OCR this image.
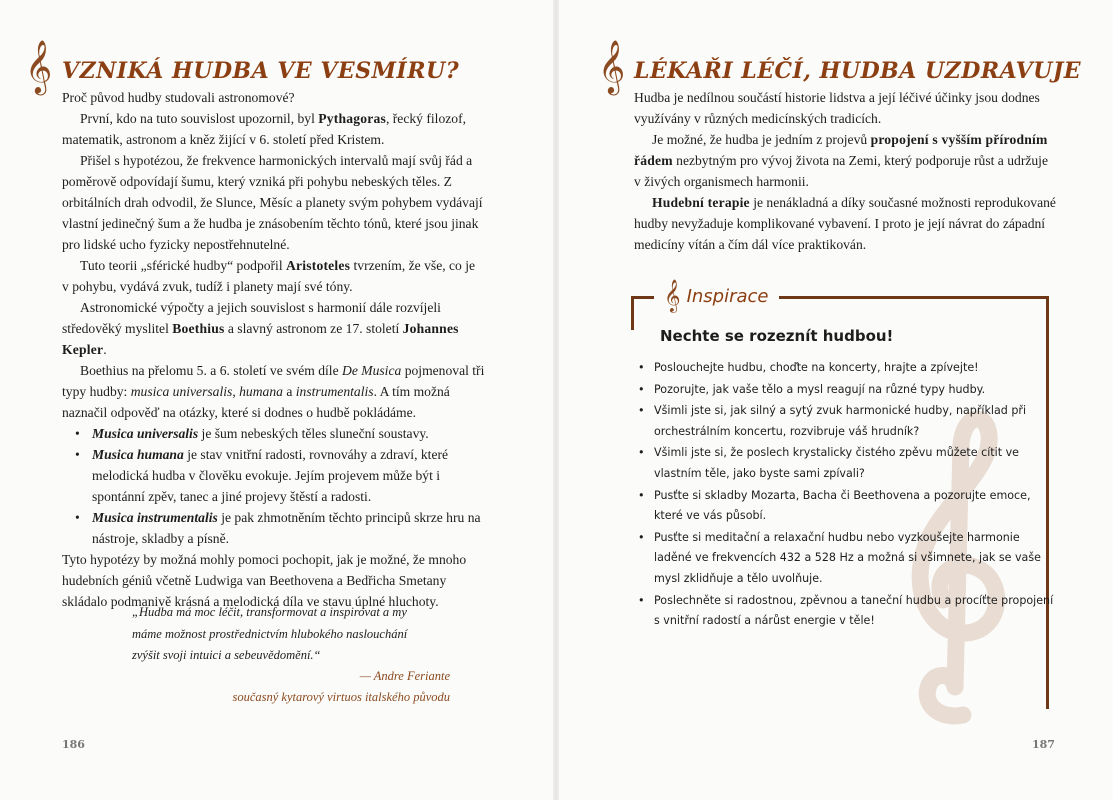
𝄞 VZNIKÁ HUDBA VE VESMÍRU?

Proč původ hudby studovali astronomové?

První, kdo na tuto souvislost upozornil, byl Pythagoras, řecký filozof, matematik, astronom a kněz žijící v 6. století před Kristem.

Přišel s hypotézou, že frekvence harmonických intervalů mají svůj řád a poměrově odpovídají šumu, který vzniká při pohybu nebeských těles. Z orbitálních drah odvodil, že Slunce, Měsíc a planety svým pohybem vydávají vlastní jedinečný šum a že hudba je znásobením těchto tónů, které jsou jinak pro lidské ucho fyzicky nepostřehnutelné.

Tuto teorii „sférické hudby“ podpořil Aristoteles tvrzením, že vše, co je v pohybu, vydává zvuk, tudíž i planety mají své tóny.

Astronomické výpočty a jejich souvislost s harmonií dále rozvíjeli středověký myslitel Boethius a slavný astronom ze 17. století Johannes Kepler.

Boethius na přelomu 5. a 6. století ve svém díle De Musica pojmenoval tři typy hudby: musica universalis, humana a instrumentalis. A tím možná naznačil odpověď na otázky, které si dodnes o hudbě pokládáme.

• Musica universalis je šum nebeských těles sluneční soustavy.
• Musica humana je stav vnitřní radosti, rovnováhy a zdraví, které melodická hudba v člověku evokuje. Jejím projevem může být i spontánní zpěv, tanec a jiné projevy štěstí a radosti.
• Musica instrumentalis je pak zhmotněním těchto principů skrze hru na nástroje, skladby a písně.

Tyto hypotézy by možná mohly pomoci pochopit, jak je možné, že mnoho hudebních géniů včetně Ludwiga van Beethovena a Bedřicha Smetany skládalo podmanivě krásná a melodická díla ve stavu úplné hluchoty.

„Hudba má moc léčit, transformovat a inspirovat a my máme možnost prostřednictvím hlubokého naslouchání zvýšit svoji intuici a sebeuvědomění.“
— Andre Feriante
současný kytarový virtuos italského původu
186
𝄞 LÉKAŘI LÉČÍ, HUDBA UZDRAVUJE

Hudba je nedílnou součástí historie lidstva a její léčivé účinky jsou dodnes využívány v různých medicínských tradicích.

Je možné, že hudba je jedním z projevů propojení s vyšším přírodním řádem nezbytným pro vývoj života na Zemi, který podporuje růst a udržuje v živých organismech harmonii.

Hudební terapie je nenákladná a díky současné možnosti reprodukované hudby nevyžaduje komplikované vybavení. I proto je její návrat do západní medicíny vítán a čím dál více praktikován.

𝄞 Inspirace
Nechte se rozeznít hudbou!
• Poslouchejte hudbu, choďte na koncerty, hrajte a zpívejte!
• Pozorujte, jak vaše tělo a mysl reagují na různé typy hudby.
• Všimli jste si, jak silný a sytý zvuk harmonické hudby, například při orchestrálním koncertu, rozvibruje váš hrudník?
• Všimli jste si, že poslech krystalicky čistého zpěvu můžete cítit ve vlastním těle, jako byste sami zpívali?
• Pusťte si skladby Mozarta, Bacha či Beethovena a pozorujte emoce, které ve vás působí.
• Pusťte si meditační a relaxační hudbu nebo vyzkoušejte harmonie laděné ve frekvencích 432 a 528 Hz a možná si všimnete, jak se vaše mysl zklidňuje a tělo uvolňuje.
• Poslechněte si radostnou, zpěvnou a taneční hudbu a procíťte propojení s vnitřní radostí a nárůst energie v těle!
187
